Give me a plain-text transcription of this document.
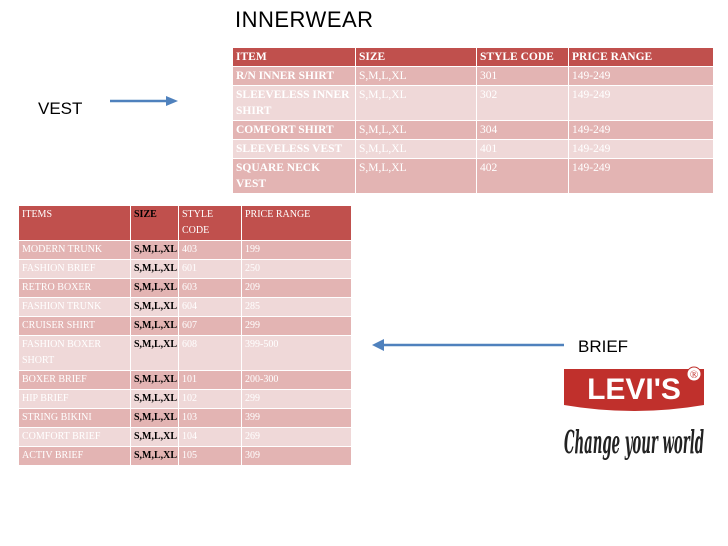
INNERWEAR
VEST
ITEM	SIZE	STYLE CODE	PRICE RANGE
R/N INNER SHIRT	S,M,L,XL	301	149-249
SLEEVELESS INNER SHIRT	S,M,L,XL	302	149-249
COMFORT SHIRT	S,M,L,XL	304	149-249
SLEEVELESS VEST	S,M,L,XL	401	149-249
SQUARE NECK VEST	S,M,L,XL	402	149-249
ITEMS	SIZE	STYLE CODE	PRICE RANGE
MODERN TRUNK	S,M,L,XL	403	199
FASHION BRIEF	S,M,L,XL	601	250
RETRO BOXER	S,M,L,XL	603	209
FASHION TRUNK	S,M,L,XL	604	285
CRUISER SHIRT	S,M,L,XL	607	299
FASHION BOXER SHORT	S,M,L,XL	608	399-500
BOXER BRIEF	S,M,L,XL	101	200-300
HIP BRIEF	S,M,L,XL	102	299
STRING BIKINI	S,M,L,XL	103	399
COMFORT BRIEF	S,M,L,XL	104	269
ACTIV BRIEF	S,M,L,XL	105	309
BRIEF
LEVI'S ®
Change your world
